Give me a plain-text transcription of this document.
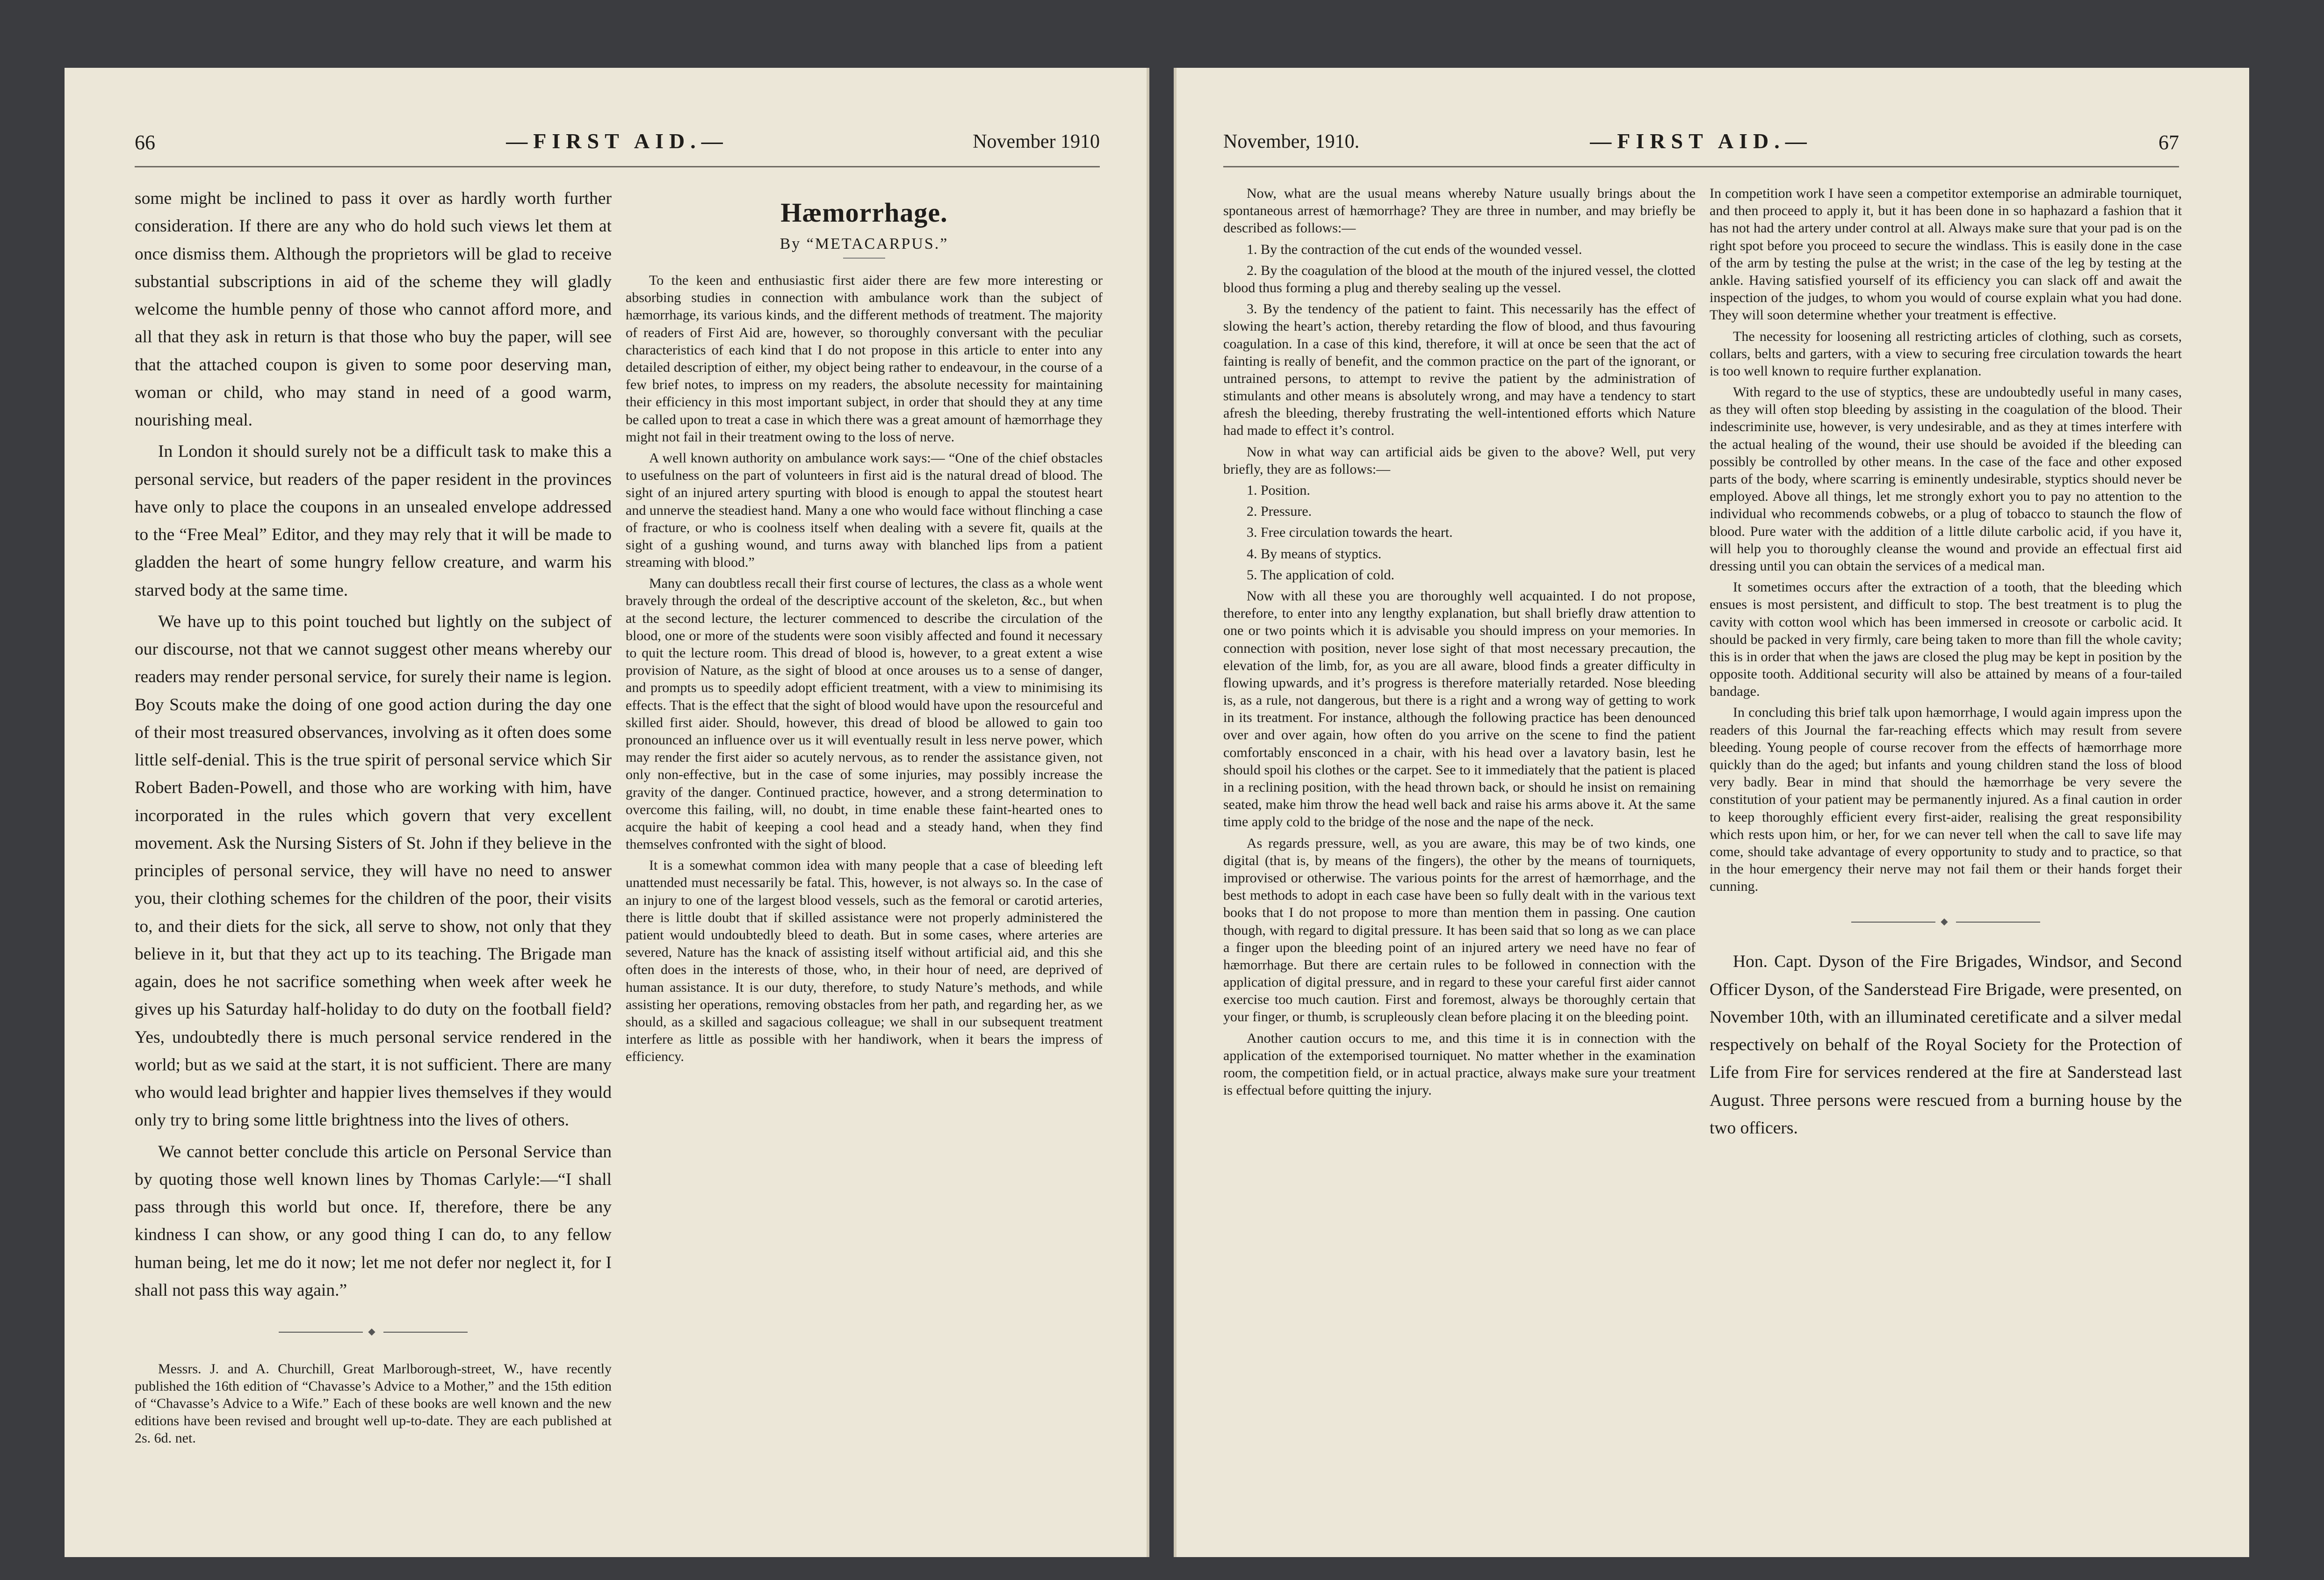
66	—FIRST AID.—	November 1910

some might be inclined to pass it over as hardly worth further consideration. If there are any who do hold such views let them at once dismiss them. Although the proprietors will be glad to receive substantial subscriptions in aid of the scheme they will gladly welcome the humble penny of those who cannot afford more, and all that they ask in return is that those who buy the paper, will see that the attached coupon is given to some poor deserving man, woman or child, who may stand in need of a good warm, nourishing meal.

In London it should surely not be a difficult task to make this a personal service, but readers of the paper resident in the provinces have only to place the coupons in an unsealed envelope addressed to the “Free Meal” Editor, and they may rely that it will be made to gladden the heart of some hungry fellow creature, and warm his starved body at the same time.

We have up to this point touched but lightly on the subject of our discourse, not that we cannot suggest other means whereby our readers may render personal service, for surely their name is legion. Boy Scouts make the doing of one good action during the day one of their most treasured observances, involving as it often does some little self-denial. This is the true spirit of personal service which Sir Robert Baden-Powell, and those who are working with him, have incorporated in the rules which govern that very excellent movement. Ask the Nursing Sisters of St. John if they believe in the principles of personal service, they will have no need to answer you, their clothing schemes for the children of the poor, their visits to, and their diets for the sick, all serve to show, not only that they believe in it, but that they act up to its teaching. The Brigade man again, does he not sacrifice something when week after week he gives up his Saturday half-holiday to do duty on the football field? Yes, undoubtedly there is much personal service rendered in the world; but as we said at the start, it is not sufficient. There are many who would lead brighter and happier lives themselves if they would only try to bring some little brightness into the lives of others.

We cannot better conclude this article on Personal Service than by quoting those well known lines by Thomas Carlyle:—“I shall pass through this world but once. If, therefore, there be any kindness I can show, or any good thing I can do, to any fellow human being, let me do it now; let me not defer nor neglect it, for I shall not pass this way again.”

◆

Messrs. J. and A. Churchill, Great Marlborough-street, W., have recently published the 16th edition of “Chavasse’s Advice to a Mother,” and the 15th edition of “Chavasse’s Advice to a Wife.” Each of these books are well known and the new editions have been revised and brought well up-to-date. They are each published at 2s. 6d. net.

Hæmorrhage.
By “METACARPUS.”

To the keen and enthusiastic first aider there are few more interesting or absorbing studies in connection with ambulance work than the subject of hæmorrhage, its various kinds, and the different methods of treatment. The majority of readers of First Aid are, however, so thoroughly conversant with the peculiar characteristics of each kind that I do not propose in this article to enter into any detailed description of either, my object being rather to endeavour, in the course of a few brief notes, to impress on my readers, the absolute necessity for maintaining their efficiency in this most important subject, in order that should they at any time be called upon to treat a case in which there was a great amount of hæmorrhage they might not fail in their treatment owing to the loss of nerve.

A well known authority on ambulance work says:— “One of the chief obstacles to usefulness on the part of volunteers in first aid is the natural dread of blood. The sight of an injured artery spurting with blood is enough to appal the stoutest heart and unnerve the steadiest hand. Many a one who would face without flinching a case of fracture, or who is coolness itself when dealing with a severe fit, quails at the sight of a gushing wound, and turns away with blanched lips from a patient streaming with blood.”

Many can doubtless recall their first course of lectures, the class as a whole went bravely through the ordeal of the descriptive account of the skeleton, &c., but when at the second lecture, the lecturer commenced to describe the circulation of the blood, one or more of the students were soon visibly affected and found it necessary to quit the lecture room. This dread of blood is, however, to a great extent a wise provision of Nature, as the sight of blood at once arouses us to a sense of danger, and prompts us to speedily adopt efficient treatment, with a view to minimising its effects. That is the effect that the sight of blood would have upon the resourceful and skilled first aider. Should, however, this dread of blood be allowed to gain too pronounced an influence over us it will eventually result in less nerve power, which may render the first aider so acutely nervous, as to render the assistance given, not only non-effective, but in the case of some injuries, may possibly increase the gravity of the danger. Continued practice, however, and a strong determination to overcome this failing, will, no doubt, in time enable these faint-hearted ones to acquire the habit of keeping a cool head and a steady hand, when they find themselves confronted with the sight of blood.

It is a somewhat common idea with many people that a case of bleeding left unattended must necessarily be fatal. This, however, is not always so. In the case of an injury to one of the largest blood vessels, such as the femoral or carotid arteries, there is little doubt that if skilled assistance were not properly administered the patient would undoubtedly bleed to death. But in some cases, where arteries are severed, Nature has the knack of assisting itself without artificial aid, and this she often does in the interests of those, who, in their hour of need, are deprived of human assistance. It is our duty, therefore, to study Nature’s methods, and while assisting her operations, removing obstacles from her path, and regarding her, as we should, as a skilled and sagacious colleague; we shall in our subsequent treatment interfere as little as possible with her handiwork, when it bears the impress of efficiency.

November, 1910.	—FIRST AID.—	67

Now, what are the usual means whereby Nature usually brings about the spontaneous arrest of hæmorrhage? They are three in number, and may briefly be described as follows:—

1. By the contraction of the cut ends of the wounded vessel.

2. By the coagulation of the blood at the mouth of the injured vessel, the clotted blood thus forming a plug and thereby sealing up the vessel.

3. By the tendency of the patient to faint. This necessarily has the effect of slowing the heart’s action, thereby retarding the flow of blood, and thus favouring coagulation. In a case of this kind, therefore, it will at once be seen that the act of fainting is really of benefit, and the common practice on the part of the ignorant, or untrained persons, to attempt to revive the patient by the administration of stimulants and other means is absolutely wrong, and may have a tendency to start afresh the bleeding, thereby frustrating the well-intentioned efforts which Nature had made to effect it’s control.

Now in what way can artificial aids be given to the above? Well, put very briefly, they are as follows:—

1. Position.

2. Pressure.

3. Free circulation towards the heart.

4. By means of styptics.

5. The application of cold.

Now with all these you are thoroughly well acquainted. I do not propose, therefore, to enter into any lengthy explanation, but shall briefly draw attention to one or two points which it is advisable you should impress on your memories. In connection with position, never lose sight of that most necessary precaution, the elevation of the limb, for, as you are all aware, blood finds a greater difficulty in flowing upwards, and it’s progress is therefore materially retarded. Nose bleeding is, as a rule, not dangerous, but there is a right and a wrong way of getting to work in its treatment. For instance, although the following practice has been denounced over and over again, how often do you arrive on the scene to find the patient comfortably ensconced in a chair, with his head over a lavatory basin, lest he should spoil his clothes or the carpet. See to it immediately that the patient is placed in a reclining position, with the head thrown back, or should he insist on remaining seated, make him throw the head well back and raise his arms above it. At the same time apply cold to the bridge of the nose and the nape of the neck.

As regards pressure, well, as you are aware, this may be of two kinds, one digital (that is, by means of the fingers), the other by the means of tourniquets, improvised or otherwise. The various points for the arrest of hæmorrhage, and the best methods to adopt in each case have been so fully dealt with in the various text books that I do not propose to more than mention them in passing. One caution though, with regard to digital pressure. It has been said that so long as we can place a finger upon the bleeding point of an injured artery we need have no fear of hæmorrhage. But there are certain rules to be followed in connection with the application of digital pressure, and in regard to these your careful first aider cannot exercise too much caution. First and foremost, always be thoroughly certain that your finger, or thumb, is scrupleously clean before placing it on the bleeding point.

Another caution occurs to me, and this time it is in connection with the application of the extemporised tourniquet. No matter whether in the examination room, the competition field, or in actual practice, always make sure your treatment is effectual before quitting the injury.

In competition work I have seen a competitor extemporise an admirable tourniquet, and then proceed to apply it, but it has been done in so haphazard a fashion that it has not had the artery under control at all. Always make sure that your pad is on the right spot before you proceed to secure the windlass. This is easily done in the case of the arm by testing the pulse at the wrist; in the case of the leg by testing at the ankle. Having satisfied yourself of its efficiency you can slack off and await the inspection of the judges, to whom you would of course explain what you had done. They will soon determine whether your treatment is effective.

The necessity for loosening all restricting articles of clothing, such as corsets, collars, belts and garters, with a view to securing free circulation towards the heart is too well known to require further explanation.

With regard to the use of styptics, these are undoubtedly useful in many cases, as they will often stop bleeding by assisting in the coagulation of the blood. Their indescriminite use, however, is very undesirable, and as they at times interfere with the actual healing of the wound, their use should be avoided if the bleeding can possibly be controlled by other means. In the case of the face and other exposed parts of the body, where scarring is eminently undesirable, styptics should never be employed. Above all things, let me strongly exhort you to pay no attention to the individual who recommends cobwebs, or a plug of tobacco to staunch the flow of blood. Pure water with the addition of a little dilute carbolic acid, if you have it, will help you to thoroughly cleanse the wound and provide an effectual first aid dressing until you can obtain the services of a medical man.

It sometimes occurs after the extraction of a tooth, that the bleeding which ensues is most persistent, and difficult to stop. The best treatment is to plug the cavity with cotton wool which has been immersed in creosote or carbolic acid. It should be packed in very firmly, care being taken to more than fill the whole cavity; this is in order that when the jaws are closed the plug may be kept in position by the opposite tooth. Additional security will also be attained by means of a four-tailed bandage.

In concluding this brief talk upon hæmorrhage, I would again impress upon the readers of this Journal the far-reaching effects which may result from severe bleeding. Young people of course recover from the effects of hæmorrhage more quickly than do the aged; but infants and young children stand the loss of blood very badly. Bear in mind that should the hæmorrhage be very severe the constitution of your patient may be permanently injured. As a final caution in order to keep thoroughly efficient every first-aider, realising the great responsibility which rests upon him, or her, for we can never tell when the call to save life may come, should take advantage of every opportunity to study and to practice, so that in the hour emergency their nerve may not fail them or their hands forget their cunning.

◆

Hon. Capt. Dyson of the Fire Brigades, Windsor, and Second Officer Dyson, of the Sanderstead Fire Brigade, were presented, on November 10th, with an illuminated ceretificate and a silver medal respectively on behalf of the Royal Society for the Protection of Life from Fire for services rendered at the fire at Sanderstead last August. Three persons were rescued from a burning house by the two officers.
